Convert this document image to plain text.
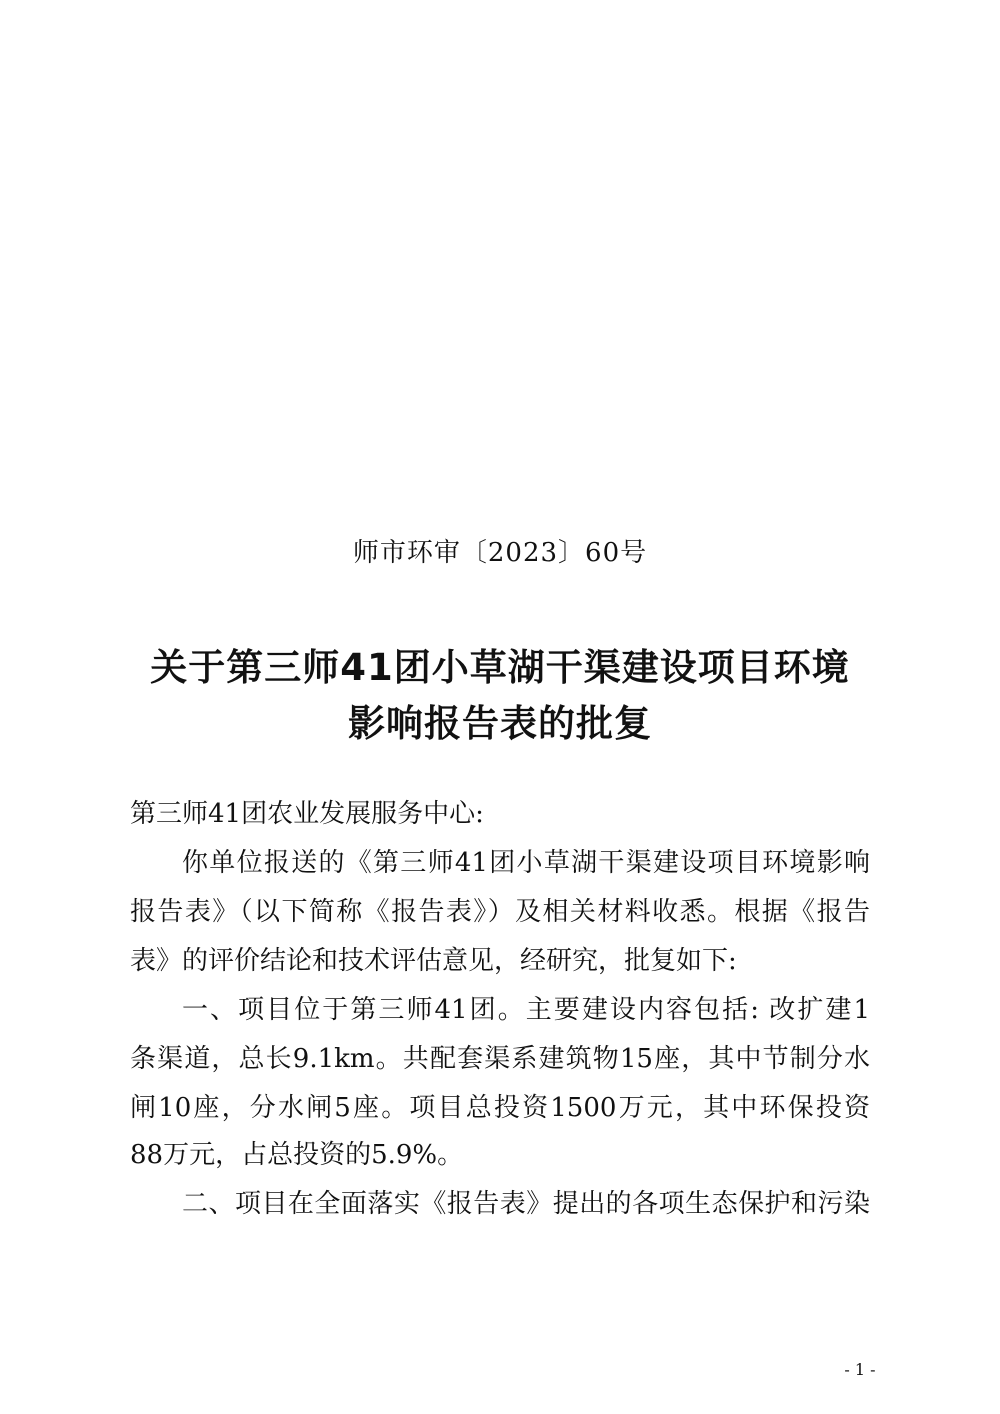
师市环审〔2023〕60号
关于第三师41团小草湖干渠建设项目环境
影响报告表的批复
第三师41团农业发展服务中心:
你单位报送的《第三师41团小草湖干渠建设项目环境影响
报告表》（以下简称《报告表》）及相关材料收悉。根据《报告
表》的评价结论和技术评估意见，经研究，批复如下:
一、项目位于第三师41团。主要建设内容包括: 改扩建1
条渠道，总长9.1km。共配套渠系建筑物15座，其中节制分水
闸10座，分水闸5座。项目总投资1500万元，其中环保投资
88万元，占总投资的5.9%。
二、项目在全面落实《报告表》提出的各项生态保护和污染
- 1 -
